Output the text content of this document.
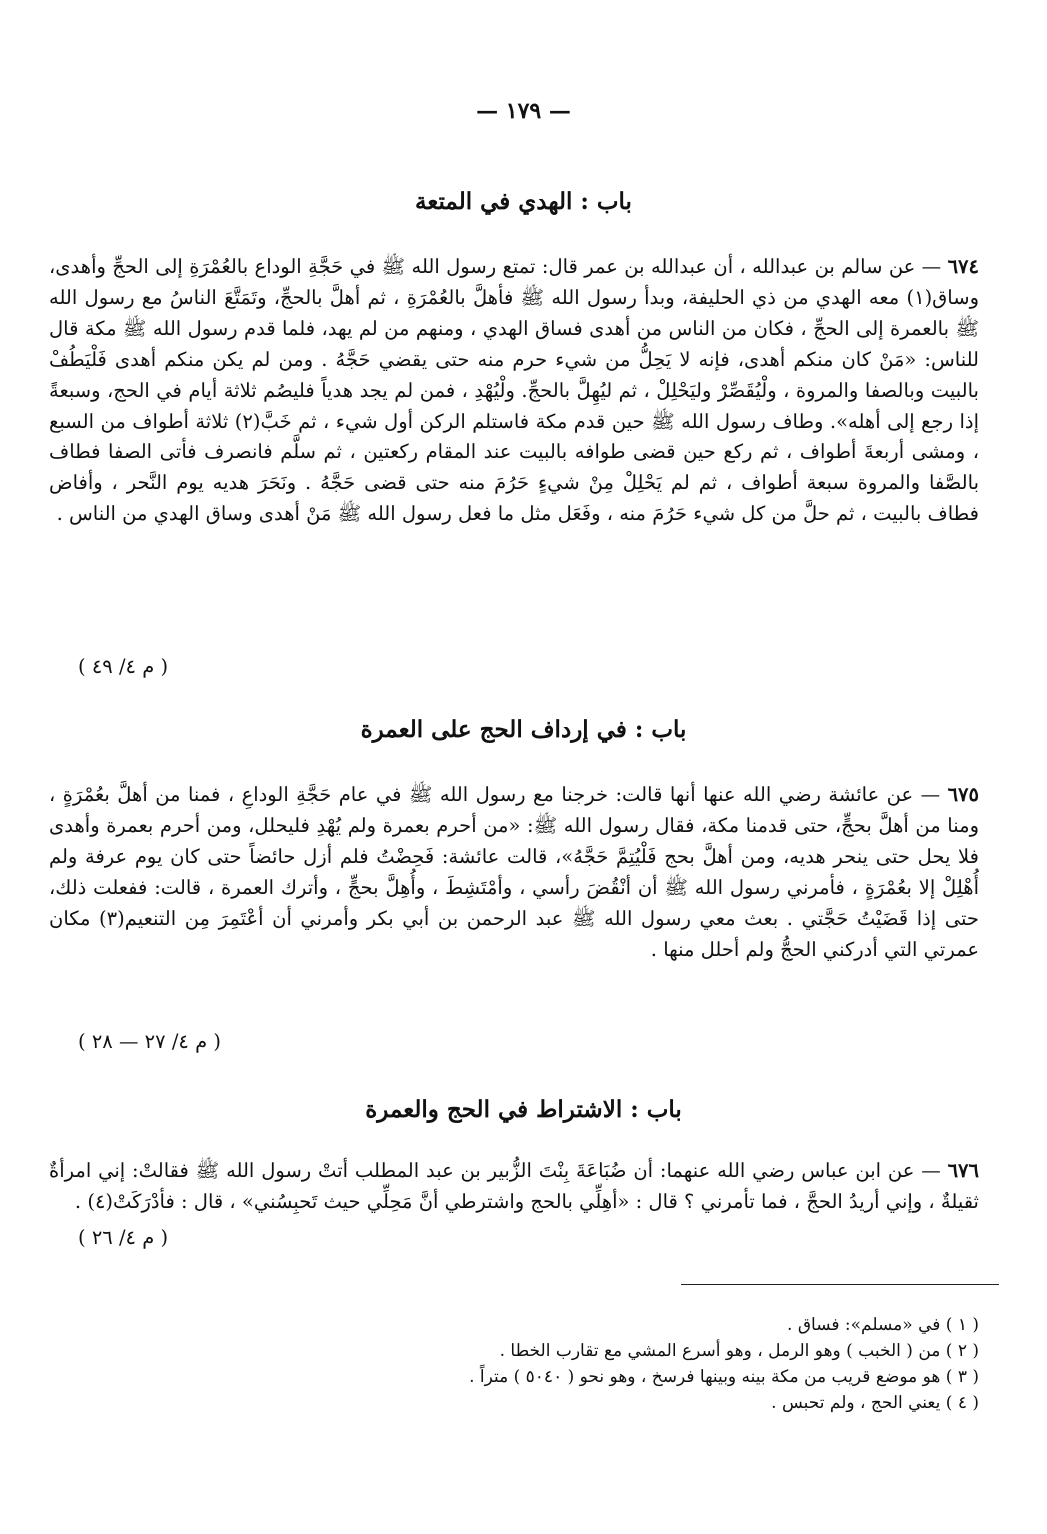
— ١٧٩ —
باب : الهدي في المتعة

٦٧٤ — عن سالم بن عبدالله ، أن عبدالله بن عمر قال: تمتع رسول الله ﷺ في حَجَّةِ الوداع بالعُمْرَةِ إلى الحجِّ وأهدى، وساق(١) معه الهدي من ذي الحليفة، وبدأ رسول الله ﷺ فأهلَّ بالعُمْرَةِ ، ثم أهلَّ بالحجِّ، وتَمَتَّعَ الناسُ مع رسول الله ﷺ بالعمرة إلى الحجِّ ، فكان من الناس من أهدى فساق الهدي ، ومنهم من لم يهد، فلما قدم رسول الله ﷺ مكة قال للناس: «مَنْ كان منكم أهدى، فإنه لا يَحِلُّ من شيء حرم منه حتى يقضي حَجَّهُ . ومن لم يكن منكم أهدى فَلْيَطُفْ بالبيت وبالصفا والمروة ، ولْيُقَصِّرْ وليَحْلِلْ ، ثم ليُهِلَّ بالحجِّ. ولْيُهْدِ ، فمن لم يجد هدياً فليصُم ثلاثة أيام في الحج، وسبعةً إذا رجع إلى أهله». وطاف رسول الله ﷺ حين قدم مكة فاستلم الركن أول شيء ، ثم خَبَّ(٢) ثلاثة أطواف من السبع ، ومشى أربعةَ أطواف ، ثم ركع حين قضى طوافه بالبيت عند المقام ركعتين ، ثم سلَّم فانصرف فأتى الصفا فطاف بالصَّفا والمروة سبعة أطواف ، ثم لم يَحْلِلْ مِنْ شيءٍ حَرُمَ منه حتى قضى حَجَّهُ . ونَحَرَ هديه يوم النَّحر ، وأفاض فطاف بالبيت ، ثم حلَّ من كل شيء حَرُمَ منه ، وفَعَل مثل ما فعل رسول الله ﷺ مَنْ أهدى وساق الهدي من الناس .

( م ٤/ ٤٩ )
باب : في إرداف الحج على العمرة

٦٧٥ — عن عائشة رضي الله عنها أنها قالت: خرجنا مع رسول الله ﷺ في عام حَجَّةِ الوداعِ ، فمنا من أهلَّ بعُمْرَةٍ ، ومنا من أهلَّ بحجٍّ، حتى قدمنا مكة، فقال رسول الله ﷺ: «من أحرم بعمرة ولم يُهْدِ فليحلل، ومن أحرم بعمرة وأهدى فلا يحل حتى ينحر هديه، ومن أهلَّ بحج فَلْيُتِمَّ حَجَّهُ»، قالت عائشة: فَحِضْتُ فلم أزل حائضاً حتى كان يوم عرفة ولم أُهْلِلْ إلا بعُمْرَةٍ ، فأمرني رسول الله ﷺ أن أنْقُضَ رأسي ، وأمْتَشِطَ ، وأُهِلَّ بحجٍّ ، وأترك العمرة ، قالت: ففعلت ذلك، حتى إذا قَضَيْتُ حَجَّتي . بعث معي رسول الله ﷺ عبد الرحمن بن أبي بكر وأمرني أن أعْتَمِرَ مِن التنعيم(٣) مكان عمرتي التي أدركني الحجُّ ولم أحلل منها .

( م ٤/ ٢٧ — ٢٨ )
باب : الاشتراط في الحج والعمرة

٦٧٦ — عن ابن عباس رضي الله عنهما: أن ضُبَاعَةَ بِنْتَ الزُّبير بن عبد المطلب أتتْ رسول الله ﷺ فقالتْ: إني امرأةٌ ثقيلةٌ ، وإني أريدُ الحجَّ ، فما تأمرني ؟ قال : «أهِلِّي بالحج واشترطي أنَّ مَحِلِّي حيث تَحبِسُني» ، قال : فأدْرَكَتْ(٤) .

( م ٤/ ٢٦ )
( ١ ) في «مسلم»: فساق .
( ٢ ) من ( الخبب ) وهو الرمل ، وهو أسرع المشي مع تقارب الخطا .
( ٣ ) هو موضع قريب من مكة بينه وبينها فرسخ ، وهو نحو ( ٥٠٤٠ ) متراً .
( ٤ ) يعني الحج ، ولم تحبس .
